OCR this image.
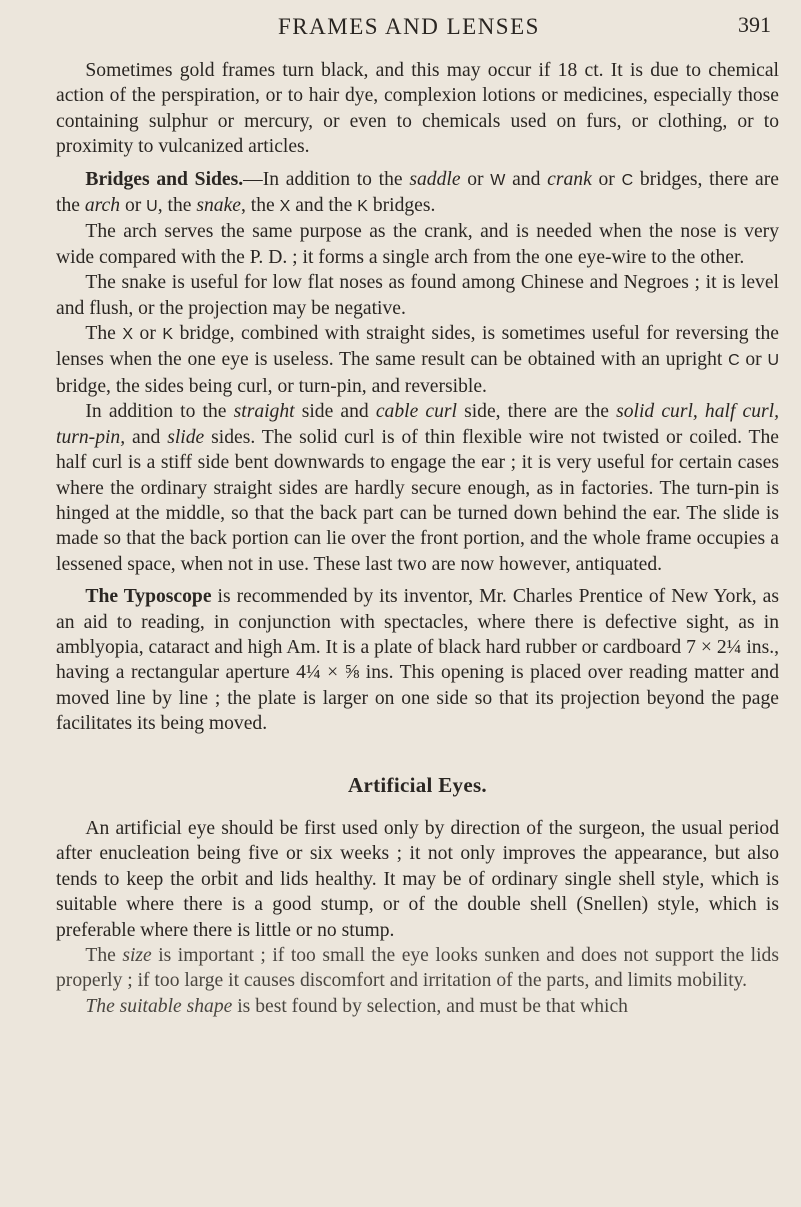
FRAMES AND LENSES	391

Sometimes gold frames turn black, and this may occur if 18 ct. It is due to chemical action of the perspiration, or to hair dye, complexion lotions or medicines, especially those containing sulphur or mercury, or even to chemicals used on furs, or clothing, or to proximity to vulcanized articles.

Bridges and Sides.—In addition to the saddle or W and crank or C bridges, there are the arch or U, the snake, the X and the K bridges.

The arch serves the same purpose as the crank, and is needed when the nose is very wide compared with the P. D. ; it forms a single arch from the one eye-wire to the other.

The snake is useful for low flat noses as found among Chinese and Negroes ; it is level and flush, or the projection may be negative.

The X or K bridge, combined with straight sides, is sometimes useful for reversing the lenses when the one eye is useless. The same result can be obtained with an upright C or U bridge, the sides being curl, or turn-pin, and reversible.

In addition to the straight side and cable curl side, there are the solid curl, half curl, turn-pin, and slide sides. The solid curl is of thin flexible wire not twisted or coiled. The half curl is a stiff side bent downwards to engage the ear ; it is very useful for certain cases where the ordinary straight sides are hardly secure enough, as in factories. The turn-pin is hinged at the middle, so that the back part can be turned down behind the ear. The slide is made so that the back portion can lie over the front portion, and the whole frame occupies a lessened space, when not in use. These last two are now however, antiquated.

The Typoscope is recommended by its inventor, Mr. Charles Prentice of New York, as an aid to reading, in conjunction with spectacles, where there is defective sight, as in amblyopia, cataract and high Am. It is a plate of black hard rubber or cardboard 7 × 2¼ ins., having a rectangular aperture 4¼ × ⅝ ins. This opening is placed over reading matter and moved line by line ; the plate is larger on one side so that its projection beyond the page facilitates its being moved.

Artificial Eyes.

An artificial eye should be first used only by direction of the surgeon, the usual period after enucleation being five or six weeks ; it not only improves the appearance, but also tends to keep the orbit and lids healthy. It may be of ordinary single shell style, which is suitable where there is a good stump, or of the double shell (Snellen) style, which is preferable where there is little or no stump.

The size is important ; if too small the eye looks sunken and does not support the lids properly ; if too large it causes discomfort and irritation of the parts, and limits mobility.

The suitable shape is best found by selection, and must be that which
